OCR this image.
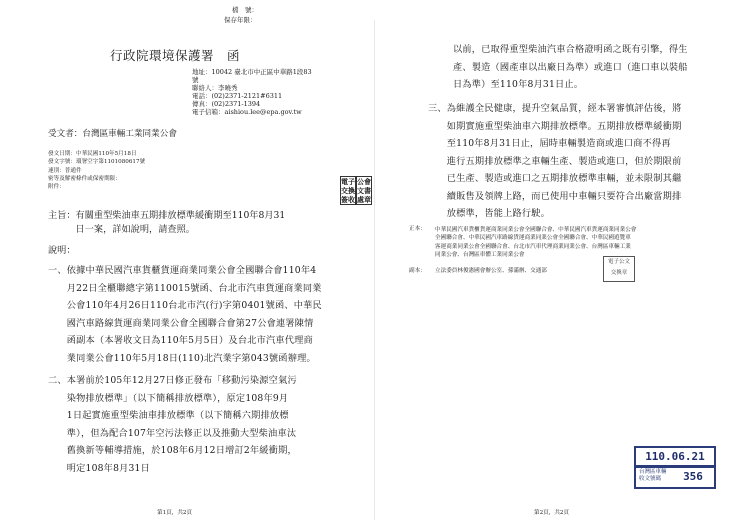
檔　號：
保存年限：
行政院環境保護署　函
地址：10042 臺北市中正區中華路1段83
號
聯絡人：李曉秀
電話：(02)2371-2121#6311
傳真：(02)2371-1394
電子信箱：aishiou.lee@epa.gov.tw
受文者：台灣區車輛工業同業公會
發文日期：中華民國110年5月18日
發文字號：環署空字第1101080617號
速別：普通件
密等及解密條件或保密期限：
附件：
電子
交換
簽收
公會
文書
處章
主旨：有關重型柴油車五期排放標準緩衝期至110年8月31
　　　日一案，詳如說明，請查照。
說明：
一、依據中華民國汽車貨櫃貨運商業同業公會全國聯合會110年4
　　月22日全櫃聯總字第110015號函、台北市汽車貨運商業同業
　　公會110年4月26日110台北市汽(行)字第0401號函、中華民
　　國汽車路線貨運商業同業公會全國聯合會第27公會連署陳情
　　函副本（本署收文日為110年5月5日）及台北市汽車代理商
　　業同業公會110年5月18日(110)北汽業字第043號函辦理。
二、本署前於105年12月27日修正發布「移動污染源空氣污
　　染物排放標準」（以下簡稱排放標準），原定108年9月
　　1日起實施重型柴油車排放標準（以下簡稱六期排放標
　　準），但為配合107年空污法修正以及推動大型柴油車汰
　　舊換新等輔導措施，於108年6月12日增訂2年緩衝期，
　　明定108年8月31日
第1頁，共2頁
以前，已取得重型柴油汽車合格證明函之既有引擎，得生
產、製造（國產車以出廠日為準）或進口（進口車以裝船
日為準）至110年8月31日止。
三、為維護全民健康，提升空氣品質，經本署審慎評估後，將
　　如期實施重型柴油車六期排放標準。五期排放標準緩衝期
　　至110年8月31日止，屆時車輛製造商或進口商不得再
　　進行五期排放標準之車輛生產、製造或進口，但於期限前
　　已生產、製造或進口之五期排放標準車輛，並未限制其繼
　　續販售及領牌上路，而已使用中車輛只要符合出廠當期排
　　放標準，皆能上路行駛。
正本： 中華民國汽車貨櫃貨運商業同業公會全國聯合會、中華民國汽車貨運商業同業公會
全國聯合會、中華民國汽車路線貨運商業同業公會全國聯合會、中華民國遊覽車
客運商業同業公會全國聯合會、台北市汽車代理商業同業公會、台灣區車輛工業
同業公會、台灣區車體工業同業公會
副本： 立法委員林俊憲國會辦公室、孫滿辦、交通部
電子公文
交換章
第2頁，共2頁
110.06.21
台灣區車輛
收文號碼	356
